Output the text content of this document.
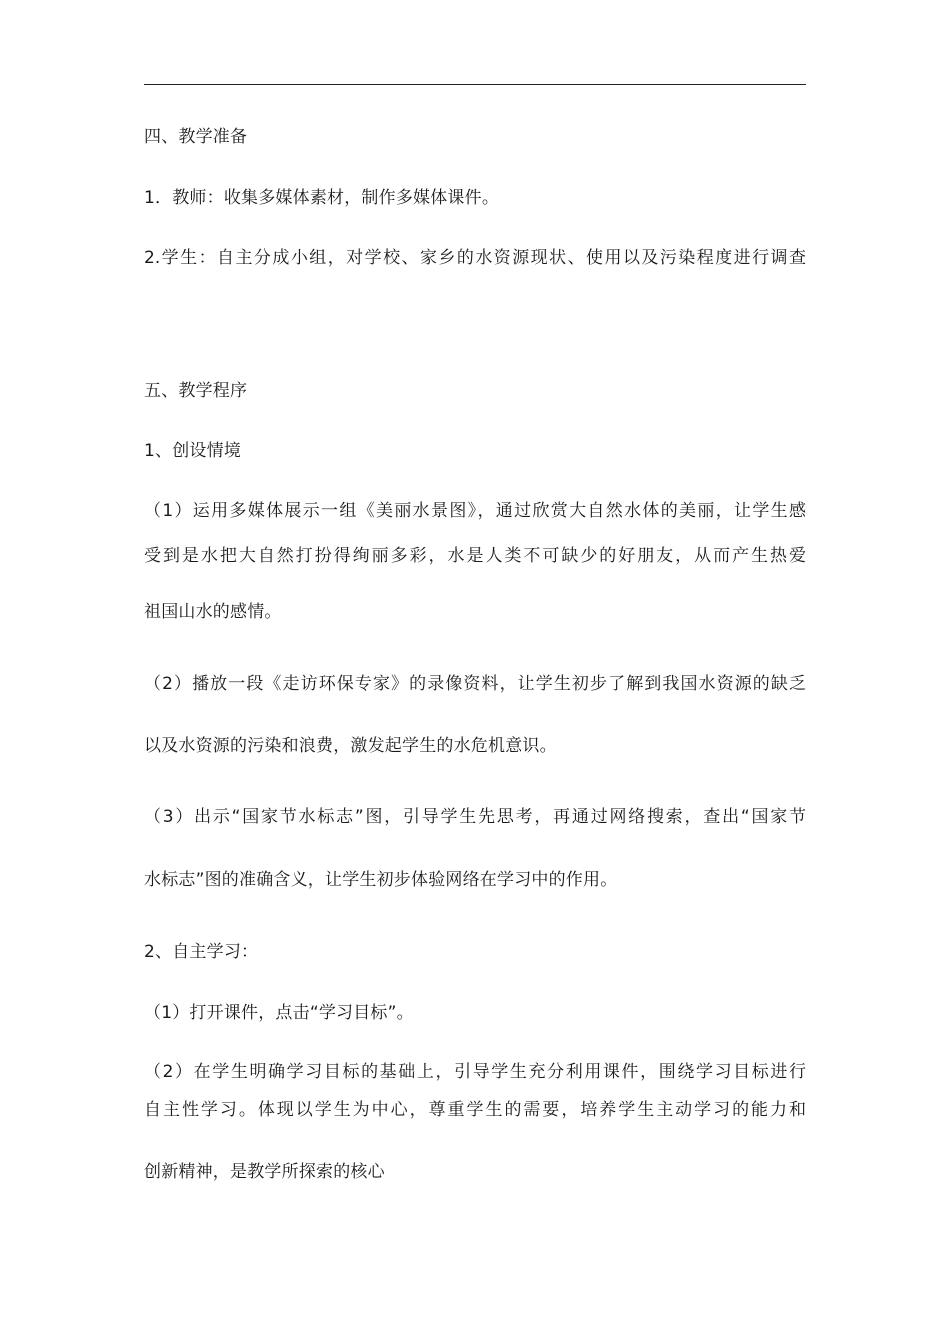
四、教学准备
1．教师：收集多媒体素材，制作多媒体课件。
2.学生：自主分成小组，对学校、家乡的水资源现状、使用以及污染程度进行调查
五、教学程序
1、创设情境
（1）运用多媒体展示一组《美丽水景图》，通过欣赏大自然水体的美丽，让学生感
受到是水把大自然打扮得绚丽多彩，水是人类不可缺少的好朋友，从而产生热爱
祖国山水的感情。
（2）播放一段《走访环保专家》的录像资料，让学生初步了解到我国水资源的缺乏
以及水资源的污染和浪费，激发起学生的水危机意识。
（3）出示“国家节水标志”图，引导学生先思考，再通过网络搜索，查出“国家节
水标志”图的准确含义，让学生初步体验网络在学习中的作用。
2、自主学习：
（1）打开课件，点击“学习目标”。
（2）在学生明确学习目标的基础上，引导学生充分利用课件，围绕学习目标进行
自主性学习。体现以学生为中心，尊重学生的需要，培养学生主动学习的能力和
创新精神，是教学所探索的核心
